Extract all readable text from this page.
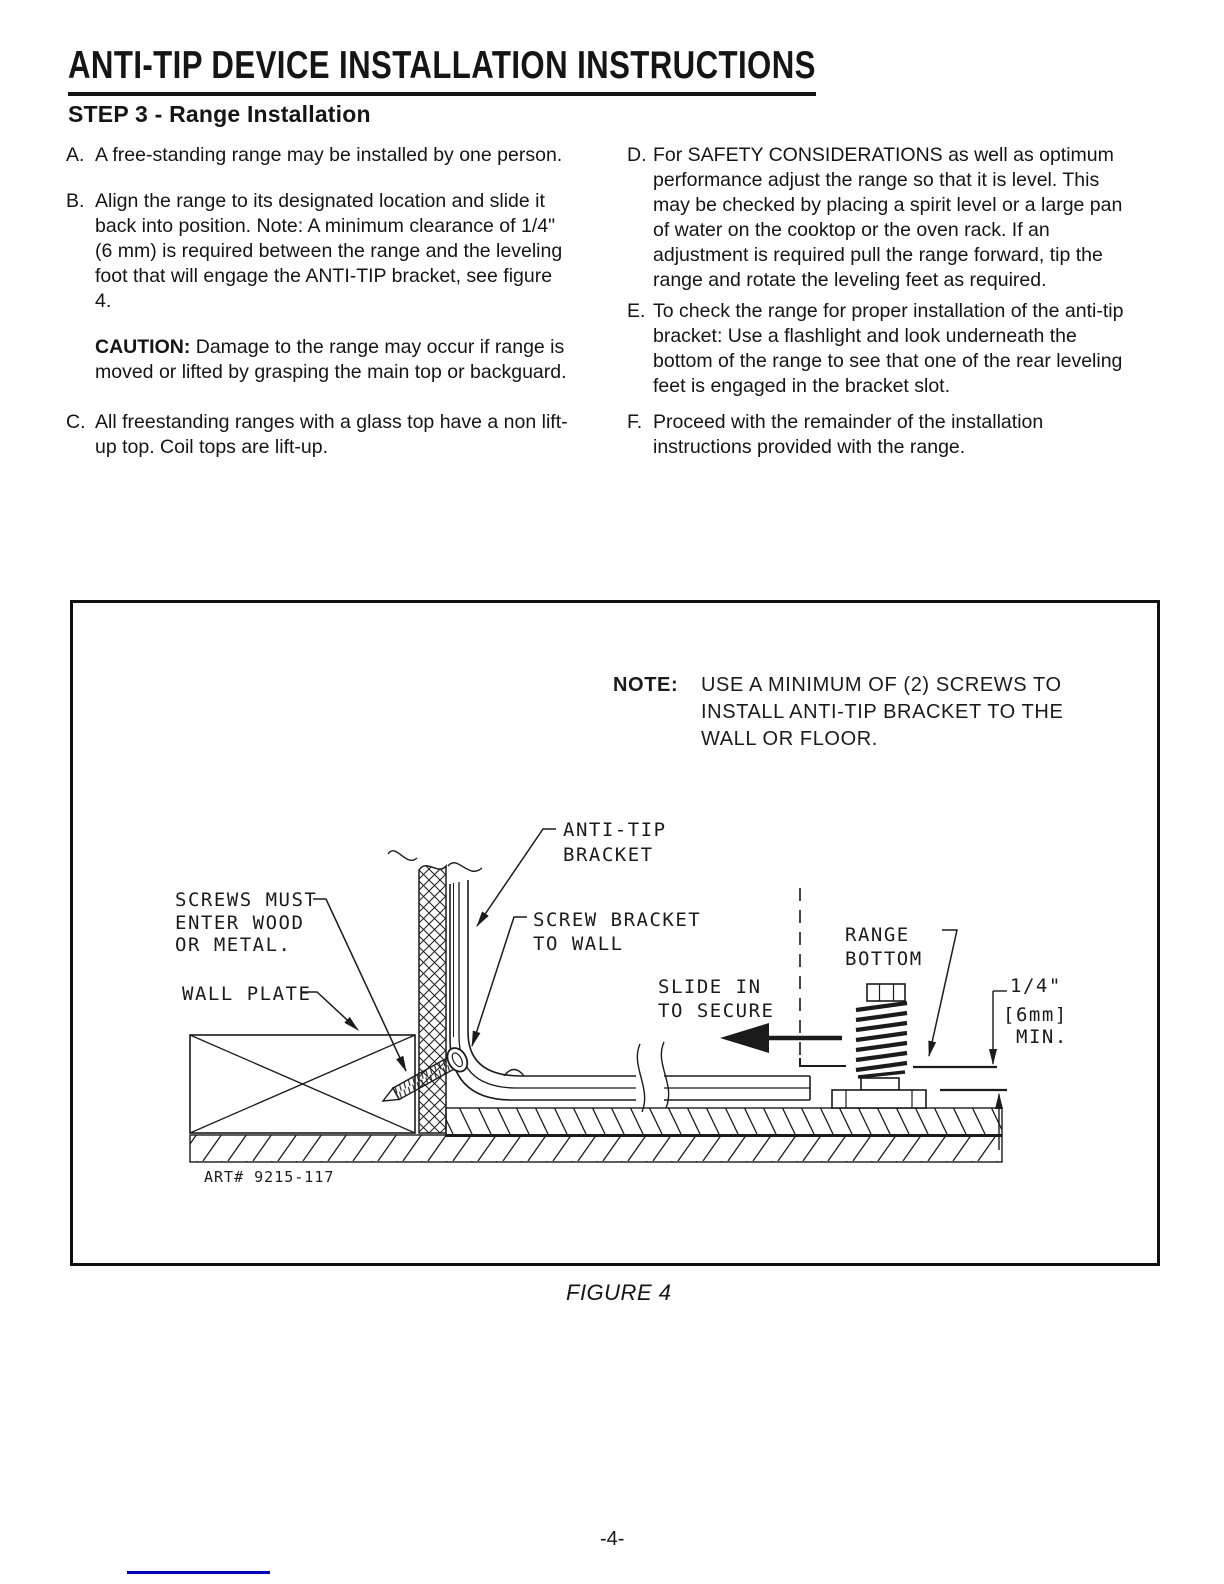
ANTI-TIP DEVICE INSTALLATION INSTRUCTIONS
STEP 3 - Range Installation
A. A free-standing range may be installed by one person.
B. Align the range to its designated location and slide it back into position. Note: A minimum clearance of 1/4" (6 mm) is required between the range and the leveling foot that will engage the ANTI-TIP bracket, see figure 4.
CAUTION: Damage to the range may occur if range is moved or lifted by grasping the main top or backguard.
C. All freestanding ranges with a glass top have a non lift-up top. Coil tops are lift-up.
D. For SAFETY CONSIDERATIONS as well as optimum performance adjust the range so that it is level. This may be checked by placing a spirit level or a large pan of water on the cooktop or the oven rack. If an adjustment is required pull the range forward, tip the range and rotate the leveling feet as required.
E. To check the range for proper installation of the anti-tip bracket: Use a flashlight and look underneath the bottom of the range to see that one of the rear leveling feet is engaged in the bracket slot.
F. Proceed with the remainder of the installation instructions provided with the range.
ANTI-TIP
BRACKET
SCREW BRACKET
TO WALL
SCREWS MUST
ENTER WOOD
OR METAL.
WALL PLATE	SLIDE IN
TO SECURE
RANGE
BOTTOM
1/4"
[6mm]
MIN.
ART# 9215-117
NOTE:	USE A MINIMUM OF (2) SCREWS TO INSTALL ANTI-TIP BRACKET TO THE WALL OR FLOOR.
FIGURE 4
-4-
